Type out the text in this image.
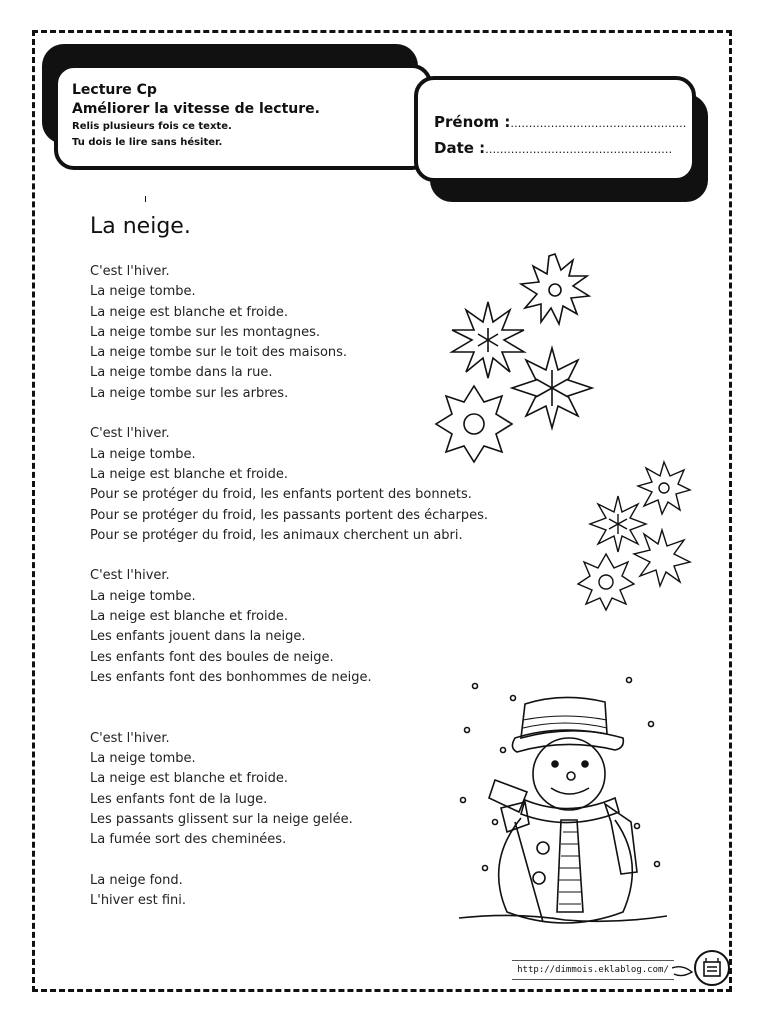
Lecture Cp
Améliorer la vitesse de lecture.
Relis plusieurs fois ce texte.
Tu dois le lire sans hésiter.
Prénom :…………………………………………
Date :……………………………………………
La neige.
C'est l'hiver.
La neige tombe.
La neige est blanche et froide.
La neige tombe sur les montagnes.
La neige tombe sur le toit des maisons.
La neige tombe dans la rue.
La neige tombe sur les arbres.
C'est l'hiver.
La neige tombe.
La neige est blanche et froide.
Pour se protéger du froid, les enfants portent des bonnets.
Pour se protéger du froid, les passants portent des écharpes.
Pour se protéger du froid, les animaux cherchent un abri.
C'est l'hiver.
La neige tombe.
La neige est blanche et froide.
Les enfants jouent dans la neige.
Les enfants font des boules de neige.
Les enfants font des bonhommes de neige.
C'est l'hiver.
La neige tombe.
La neige est blanche et froide.
Les enfants font de la luge.
Les passants glissent sur la neige gelée.
La fumée sort des cheminées.
La neige fond.
L'hiver est fini.
http://dimmois.eklablog.com/
